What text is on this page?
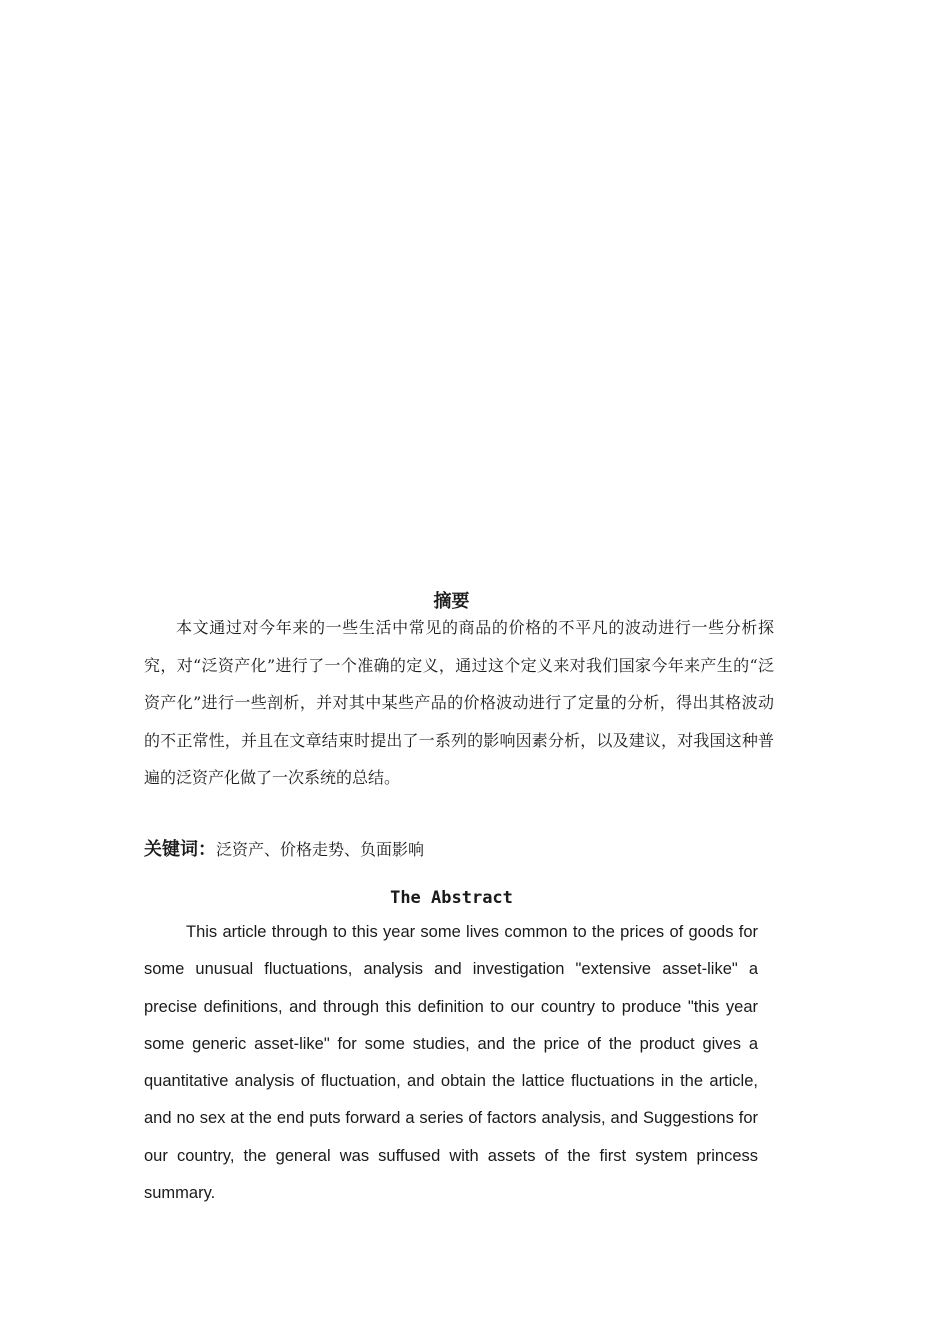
摘要

本文通过对今年来的一些生活中常见的商品的价格的不平凡的波动进行一些分析探究，对“泛资产化”进行了一个准确的定义，通过这个定义来对我们国家今年来产生的“泛资产化”进行一些剖析，并对其中某些产品的价格波动进行了定量的分析，得出其格波动的不正常性，并且在文章结束时提出了一系列的影响因素分析，以及建议，对我国这种普遍的泛资产化做了一次系统的总结。

关键词：泛资产、价格走势、负面影响
The Abstract

This article through to this year some lives common to the prices of goods for some unusual fluctuations, analysis and investigation "extensive asset-like" a precise definitions, and through this definition to our country to produce "this year some generic asset-like" for some studies, and the price of the product gives a quantitative analysis of fluctuation, and obtain the lattice fluctuations in the article, and no sex at the end puts forward a series of factors analysis, and Suggestions for our country, the general was suffused with assets of the first system princess summary.
